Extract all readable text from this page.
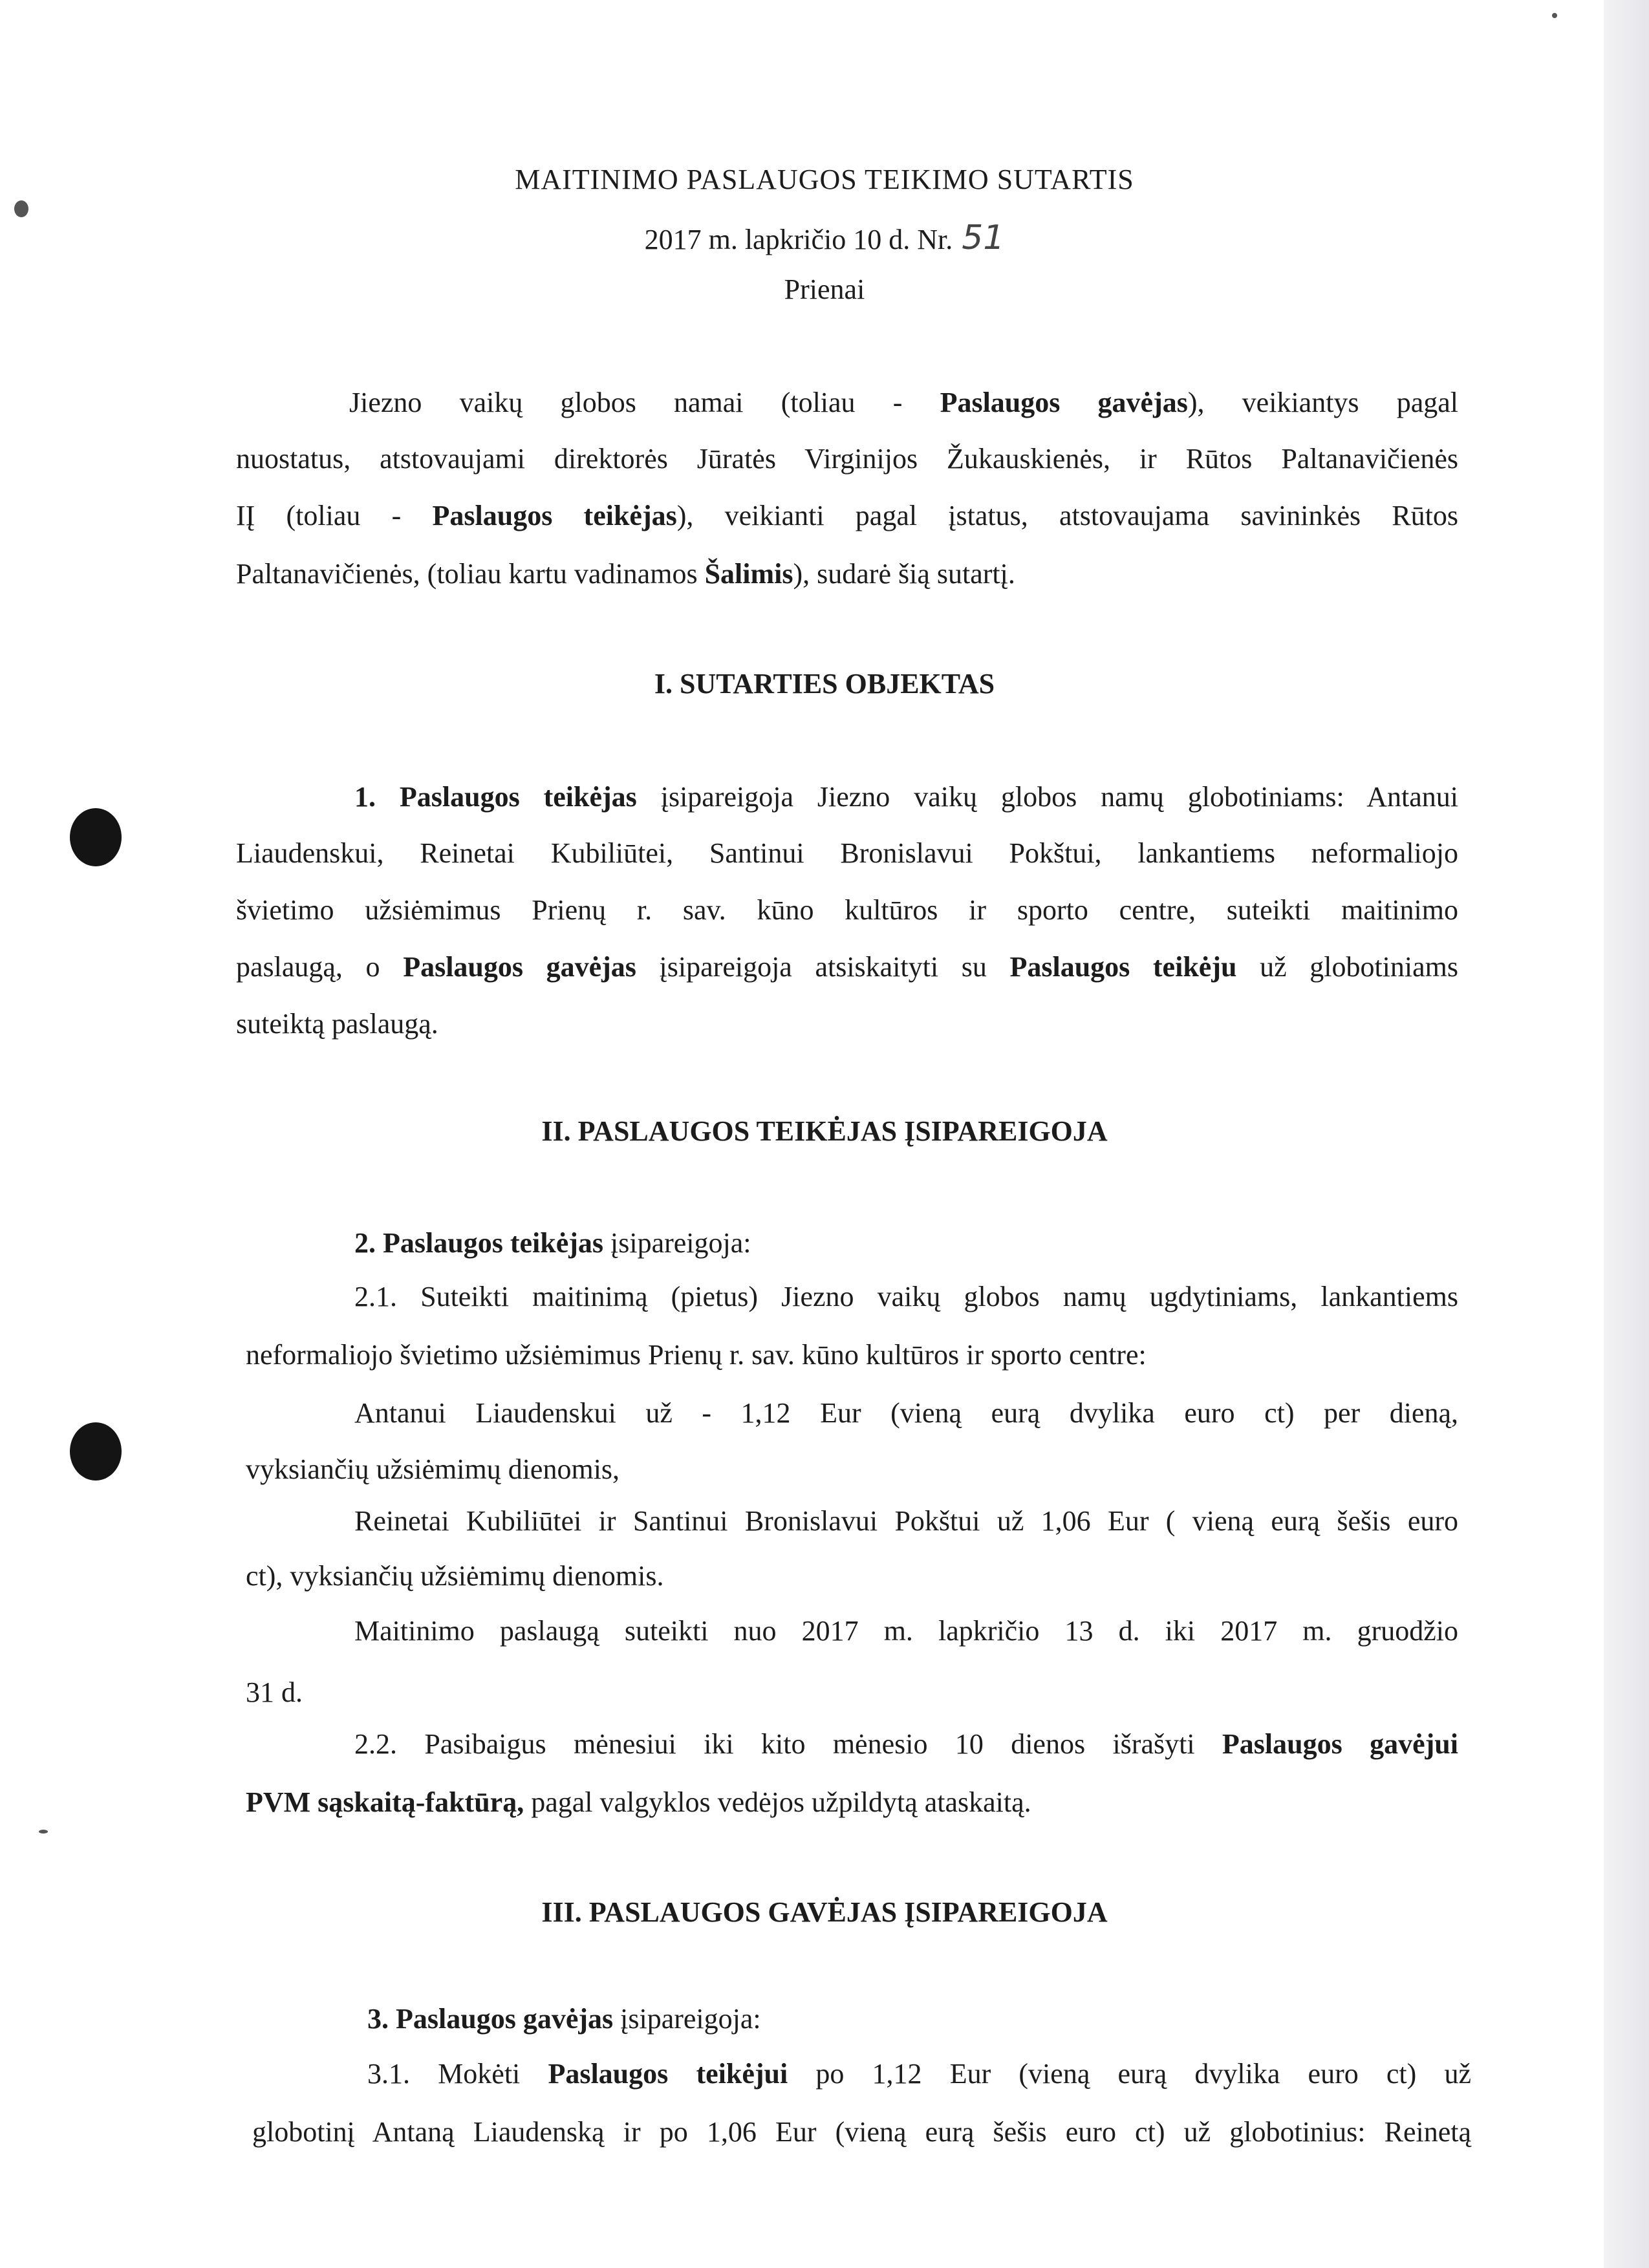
MAITINIMO PASLAUGOS TEIKIMO SUTARTIS
2017 m. lapkričio 10 d. Nr. 51
Prienai
Jiezno vaikų globos namai (toliau - Paslaugos gavėjas), veikiantys pagal
nuostatus, atstovaujami direktorės Jūratės Virginijos Žukauskienės, ir Rūtos Paltanavičienės
IĮ (toliau - Paslaugos teikėjas), veikianti pagal įstatus, atstovaujama savininkės Rūtos
Paltanavičienės, (toliau kartu vadinamos Šalimis), sudarė šią sutartį.
I. SUTARTIES OBJEKTAS
1. Paslaugos teikėjas įsipareigoja Jiezno vaikų globos namų globotiniams: Antanui
Liaudenskui, Reinetai Kubiliūtei, Santinui Bronislavui Pokštui, lankantiems neformaliojo
švietimo užsiėmimus Prienų r. sav. kūno kultūros ir sporto centre, suteikti maitinimo
paslaugą, o Paslaugos gavėjas įsipareigoja atsiskaityti su Paslaugos teikėju už globotiniams
suteiktą paslaugą.
II. PASLAUGOS TEIKĖJAS ĮSIPAREIGOJA
2. Paslaugos teikėjas įsipareigoja:
2.1. Suteikti maitinimą (pietus) Jiezno vaikų globos namų ugdytiniams, lankantiems
neformaliojo švietimo užsiėmimus Prienų r. sav. kūno kultūros ir sporto centre:
Antanui Liaudenskui už - 1,12 Eur (vieną eurą dvylika euro ct) per dieną,
vyksiančių užsiėmimų dienomis,
Reinetai Kubiliūtei ir Santinui Bronislavui Pokštui už 1,06 Eur ( vieną eurą šešis euro
ct), vyksiančių užsiėmimų dienomis.
Maitinimo paslaugą suteikti nuo 2017 m. lapkričio 13 d. iki 2017 m. gruodžio
31 d.
2.2. Pasibaigus mėnesiui iki kito mėnesio 10 dienos išrašyti Paslaugos gavėjui
PVM sąskaitą-faktūrą, pagal valgyklos vedėjos užpildytą ataskaitą.
III. PASLAUGOS GAVĖJAS ĮSIPAREIGOJA
3. Paslaugos gavėjas įsipareigoja:
3.1. Mokėti Paslaugos teikėjui po 1,12 Eur (vieną eurą dvylika euro ct) už
globotinį Antaną Liaudenską ir po 1,06 Eur (vieną eurą šešis euro ct) už globotinius: Reinetą
